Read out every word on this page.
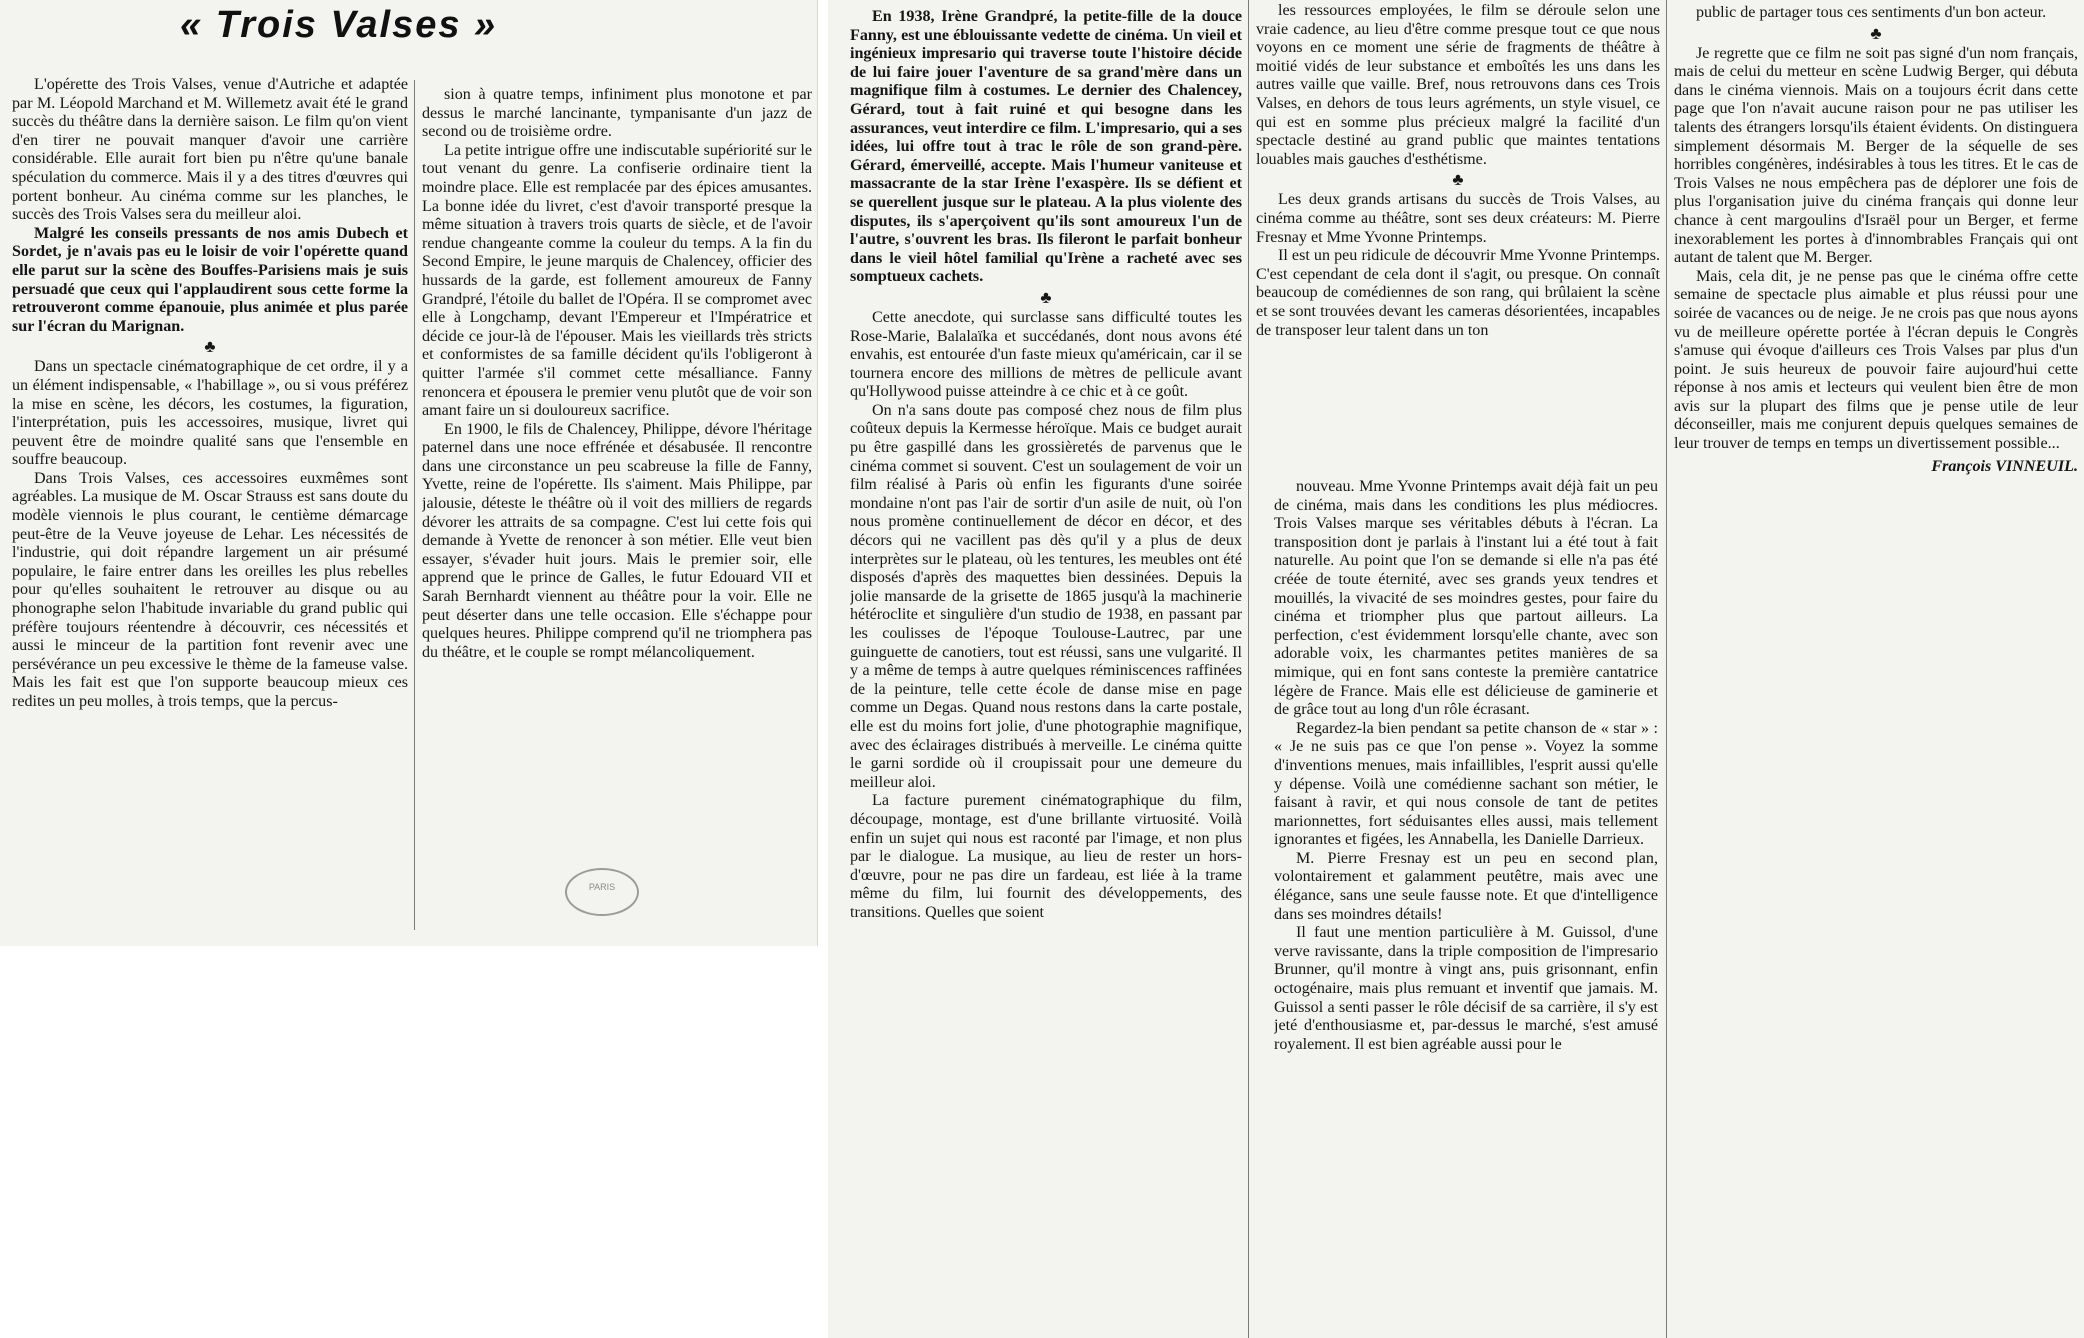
« Trois Valses »

L'opérette des Trois Valses, venue d'Autriche et adaptée par M. Léopold Marchand et M. Willemetz avait été le grand succès du théâtre dans la dernière saison. Le film qu'on vient d'en tirer ne pouvait manquer d'avoir une carrière considérable. Elle aurait fort bien pu n'être qu'une banale spéculation du commerce. Mais il y a des titres d'œuvres qui portent bonheur. Au cinéma comme sur les planches, le succès des Trois Valses sera du meilleur aloi.

Malgré les conseils pressants de nos amis Dubech et Sordet, je n'avais pas eu le loisir de voir l'opérette quand elle parut sur la scène des Bouffes-Parisiens mais je suis persuadé que ceux qui l'applaudirent sous cette forme la retrouveront comme épanouie, plus animée et plus parée sur l'écran du Marignan.

♣

Dans un spectacle cinématographique de cet ordre, il y a un élément indispensable, « l'habillage », ou si vous préférez la mise en scène, les décors, les costumes, la figuration, l'interprétation, puis les accessoires, musique, livret qui peuvent être de moindre qualité sans que l'ensemble en souffre beaucoup.

Dans Trois Valses, ces accessoires euxmêmes sont agréables. La musique de M. Oscar Strauss est sans doute du modèle viennois le plus courant, le centième démarcage peut-être de la Veuve joyeuse de Lehar. Les nécessités de l'industrie, qui doit répandre largement un air présumé populaire, le faire entrer dans les oreilles les plus rebelles pour qu'elles souhaitent le retrouver au disque ou au phonographe selon l'habitude invariable du grand public qui préfère toujours réentendre à découvrir, ces nécessités et aussi le minceur de la partition font revenir avec une persévérance un peu excessive le thème de la fameuse valse. Mais les fait est que l'on supporte beaucoup mieux ces redites un peu molles, à trois temps, que la percus-

sion à quatre temps, infiniment plus monotone et par dessus le marché lancinante, tympanisante d'un jazz de second ou de troisième ordre.

La petite intrigue offre une indiscutable supériorité sur le tout venant du genre. La confiserie ordinaire tient la moindre place. Elle est remplacée par des épices amusantes. La bonne idée du livret, c'est d'avoir transporté presque la même situation à travers trois quarts de siècle, et de l'avoir rendue changeante comme la couleur du temps. A la fin du Second Empire, le jeune marquis de Chalencey, officier des hussards de la garde, est follement amoureux de Fanny Grandpré, l'étoile du ballet de l'Opéra. Il se compromet avec elle à Longchamp, devant l'Empereur et l'Impératrice et décide ce jour-là de l'épouser. Mais les vieillards très stricts et conformistes de sa famille décident qu'ils l'obligeront à quitter l'armée s'il commet cette mésalliance. Fanny renoncera et épousera le premier venu plutôt que de voir son amant faire un si douloureux sacrifice.

En 1900, le fils de Chalencey, Philippe, dévore l'héritage paternel dans une noce effrénée et désabusée. Il rencontre dans une circonstance un peu scabreuse la fille de Fanny, Yvette, reine de l'opérette. Ils s'aiment. Mais Philippe, par jalousie, déteste le théâtre où il voit des milliers de regards dévorer les attraits de sa compagne. C'est lui cette fois qui demande à Yvette de renoncer à son métier. Elle veut bien essayer, s'évader huit jours. Mais le premier soir, elle apprend que le prince de Galles, le futur Edouard VII et Sarah Bernhardt viennent au théâtre pour la voir. Elle ne peut déserter dans une telle occasion. Elle s'échappe pour quelques heures. Philippe comprend qu'il ne triomphera pas du théâtre, et le couple se rompt mélancoliquement.

PARIS

En 1938, Irène Grandpré, la petite-fille de la douce Fanny, est une éblouissante vedette de cinéma. Un vieil et ingénieux impresario qui traverse toute l'histoire décide de lui faire jouer l'aventure de sa grand'mère dans un magnifique film à costumes. Le dernier des Chalencey, Gérard, tout à fait ruiné et qui besogne dans les assurances, veut interdire ce film. L'impresario, qui a ses idées, lui offre tout à trac le rôle de son grand-père. Gérard, émerveillé, accepte. Mais l'humeur vaniteuse et massacrante de la star Irène l'exaspère. Ils se défient et se querellent jusque sur le plateau. A la plus violente des disputes, ils s'aperçoivent qu'ils sont amoureux l'un de l'autre, s'ouvrent les bras. Ils fileront le parfait bonheur dans le vieil hôtel familial qu'Irène a racheté avec ses somptueux cachets.

♣

Cette anecdote, qui surclasse sans difficulté toutes les Rose-Marie, Balalaïka et succédanés, dont nous avons été envahis, est entourée d'un faste mieux qu'américain, car il se tournera encore des millions de mètres de pellicule avant qu'Hollywood puisse atteindre à ce chic et à ce goût.

On n'a sans doute pas composé chez nous de film plus coûteux depuis la Kermesse héroïque. Mais ce budget aurait pu être gaspillé dans les grossièretés de parvenus que le cinéma commet si souvent. C'est un soulagement de voir un film réalisé à Paris où enfin les figurants d'une soirée mondaine n'ont pas l'air de sortir d'un asile de nuit, où l'on nous promène continuellement de décor en décor, et des décors qui ne vacillent pas dès qu'il y a plus de deux interprètes sur le plateau, où les tentures, les meubles ont été disposés d'après des maquettes bien dessinées. Depuis la jolie mansarde de la grisette de 1865 jusqu'à la machinerie hétéroclite et singulière d'un studio de 1938, en passant par les coulisses de l'époque Toulouse-Lautrec, par une guinguette de canotiers, tout est réussi, sans une vulgarité. Il y a même de temps à autre quelques réminiscences raffinées de la peinture, telle cette école de danse mise en page comme un Degas. Quand nous restons dans la carte postale, elle est du moins fort jolie, d'une photographie magnifique, avec des éclairages distribués à merveille. Le cinéma quitte le garni sordide où il croupissait pour une demeure du meilleur aloi.

La facture purement cinématographique du film, découpage, montage, est d'une brillante virtuosité. Voilà enfin un sujet qui nous est raconté par l'image, et non plus par le dialogue. La musique, au lieu de rester un hors-d'œuvre, pour ne pas dire un fardeau, est liée à la trame même du film, lui fournit des développements, des transitions. Quelles que soient

les ressources employées, le film se déroule selon une vraie cadence, au lieu d'être comme presque tout ce que nous voyons en ce moment une série de fragments de théâtre à moitié vidés de leur substance et emboîtés les uns dans les autres vaille que vaille. Bref, nous retrouvons dans ces Trois Valses, en dehors de tous leurs agréments, un style visuel, ce qui est en somme plus précieux malgré la facilité d'un spectacle destiné au grand public que maintes tentations louables mais gauches d'esthétisme.

♣

Les deux grands artisans du succès de Trois Valses, au cinéma comme au théâtre, sont ses deux créateurs: M. Pierre Fresnay et Mme Yvonne Printemps.

Il est un peu ridicule de découvrir Mme Yvonne Printemps. C'est cependant de cela dont il s'agit, ou presque. On connaît beaucoup de comédiennes de son rang, qui brûlaient la scène et se sont trouvées devant les cameras désorientées, incapables de transposer leur talent dans un ton

nouveau. Mme Yvonne Printemps avait déjà fait un peu de cinéma, mais dans les conditions les plus médiocres. Trois Valses marque ses véritables débuts à l'écran. La transposition dont je parlais à l'instant lui a été tout à fait naturelle. Au point que l'on se demande si elle n'a pas été créée de toute éternité, avec ses grands yeux tendres et mouillés, la vivacité de ses moindres gestes, pour faire du cinéma et triompher plus que partout ailleurs. La perfection, c'est évidemment lorsqu'elle chante, avec son adorable voix, les charmantes petites manières de sa mimique, qui en font sans conteste la première cantatrice légère de France. Mais elle est délicieuse de gaminerie et de grâce tout au long d'un rôle écrasant.

Regardez-la bien pendant sa petite chanson de « star » : « Je ne suis pas ce que l'on pense ». Voyez la somme d'inventions menues, mais infaillibles, l'esprit aussi qu'elle y dépense. Voilà une comédienne sachant son métier, le faisant à ravir, et qui nous console de tant de petites marionnettes, fort séduisantes elles aussi, mais tellement ignorantes et figées, les Annabella, les Danielle Darrieux.

M. Pierre Fresnay est un peu en second plan, volontairement et galamment peutêtre, mais avec une élégance, sans une seule fausse note. Et que d'intelligence dans ses moindres détails!

Il faut une mention particulière à M. Guissol, d'une verve ravissante, dans la triple composition de l'impresario Brunner, qu'il montre à vingt ans, puis grisonnant, enfin octogénaire, mais plus remuant et inventif que jamais. M. Guissol a senti passer le rôle décisif de sa carrière, il s'y est jeté d'enthousiasme et, par-dessus le marché, s'est amusé royalement. Il est bien agréable aussi pour le

public de partager tous ces sentiments d'un bon acteur.

♣

Je regrette que ce film ne soit pas signé d'un nom français, mais de celui du metteur en scène Ludwig Berger, qui débuta dans le cinéma viennois. Mais on a toujours écrit dans cette page que l'on n'avait aucune raison pour ne pas utiliser les talents des étrangers lorsqu'ils étaient évidents. On distinguera simplement désormais M. Berger de la séquelle de ses horribles congénères, indésirables à tous les titres. Et le cas de Trois Valses ne nous empêchera pas de déplorer une fois de plus l'organisation juive du cinéma français qui donne leur chance à cent margoulins d'Israël pour un Berger, et ferme inexorablement les portes à d'innombrables Français qui ont autant de talent que M. Berger.

Mais, cela dit, je ne pense pas que le cinéma offre cette semaine de spectacle plus aimable et plus réussi pour une soirée de vacances ou de neige. Je ne crois pas que nous ayons vu de meilleure opérette portée à l'écran depuis le Congrès s'amuse qui évoque d'ailleurs ces Trois Valses par plus d'un point. Je suis heureux de pouvoir faire aujourd'hui cette réponse à nos amis et lecteurs qui veulent bien être de mon avis sur la plupart des films que je pense utile de leur déconseiller, mais me conjurent depuis quelques semaines de leur trouver de temps en temps un divertissement possible...

François VINNEUIL.
